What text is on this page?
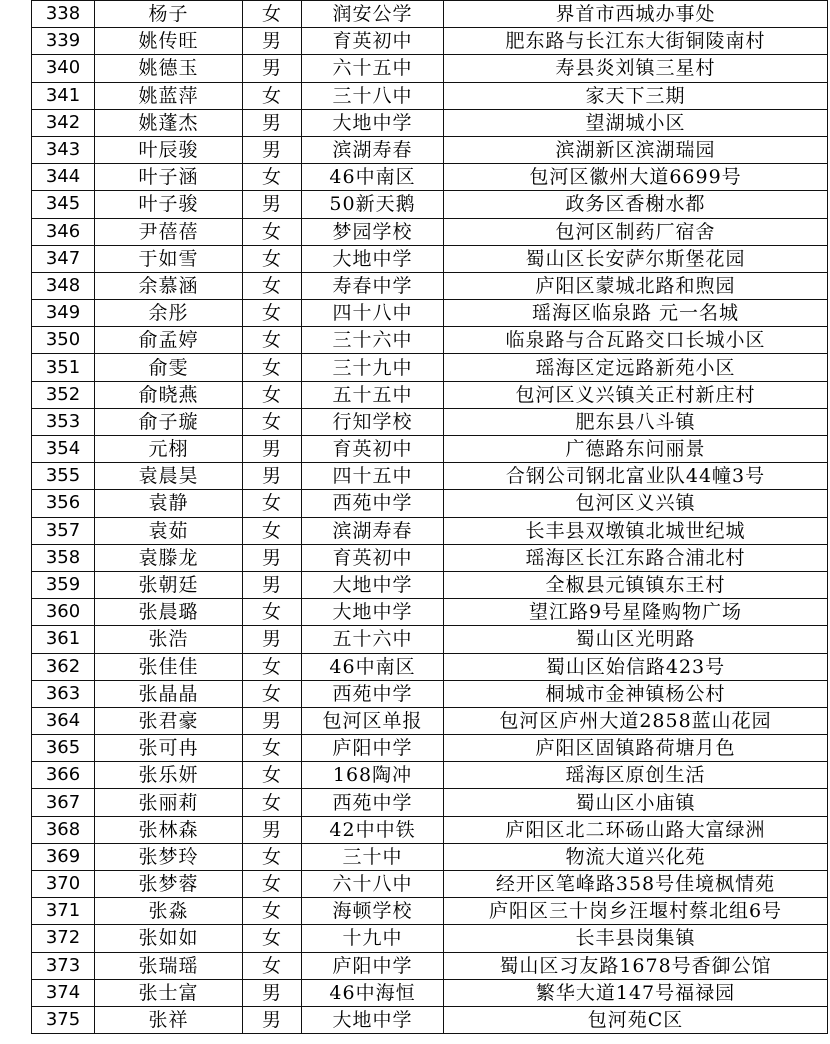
338	杨子	女	润安公学	界首市西城办事处
339	姚传旺	男	育英初中	肥东路与长江东大街铜陵南村
340	姚德玉	男	六十五中	寿县炎刘镇三星村
341	姚蓝萍	女	三十八中	家天下三期
342	姚蓬杰	男	大地中学	望湖城小区
343	叶辰骏	男	滨湖寿春	滨湖新区滨湖瑞园
344	叶子涵	女	46中南区	包河区徽州大道6699号
345	叶子骏	男	50新天鹅	政务区香榭水都
346	尹蓓蓓	女	梦园学校	包河区制药厂宿舍
347	于如雪	女	大地中学	蜀山区长安萨尔斯堡花园
348	余慕涵	女	寿春中学	庐阳区蒙城北路和煦园
349	余彤	女	四十八中	瑶海区临泉路 元一名城
350	俞孟婷	女	三十六中	临泉路与合瓦路交口长城小区
351	俞雯	女	三十九中	瑶海区定远路新苑小区
352	俞晓燕	女	五十五中	包河区义兴镇关正村新庄村
353	俞子璇	女	行知学校	肥东县八斗镇
354	元栩	男	育英初中	广德路东问丽景
355	袁晨昊	男	四十五中	合钢公司钢北富业队44幢3号
356	袁静	女	西苑中学	包河区义兴镇
357	袁茹	女	滨湖寿春	长丰县双墩镇北城世纪城
358	袁滕龙	男	育英初中	瑶海区长江东路合浦北村
359	张朝廷	男	大地中学	全椒县元镇镇东王村
360	张晨璐	女	大地中学	望江路9号星隆购物广场
361	张浩	男	五十六中	蜀山区光明路
362	张佳佳	女	46中南区	蜀山区始信路423号
363	张晶晶	女	西苑中学	桐城市金神镇杨公村
364	张君豪	男	包河区单报	包河区庐州大道2858蓝山花园
365	张可冉	女	庐阳中学	庐阳区固镇路荷塘月色
366	张乐妍	女	168陶冲	瑶海区原创生活
367	张丽莉	女	西苑中学	蜀山区小庙镇
368	张林森	男	42中中铁	庐阳区北二环砀山路大富绿洲
369	张梦玲	女	三十中	物流大道兴化苑
370	张梦蓉	女	六十八中	经开区笔峰路358号佳境枫情苑
371	张淼	女	海顿学校	庐阳区三十岗乡汪堰村蔡北组6号
372	张如如	女	十九中	长丰县岗集镇
373	张瑞瑶	女	庐阳中学	蜀山区习友路1678号香御公馆
374	张士富	男	46中海恒	繁华大道147号福禄园
375	张祥	男	大地中学	包河苑C区
